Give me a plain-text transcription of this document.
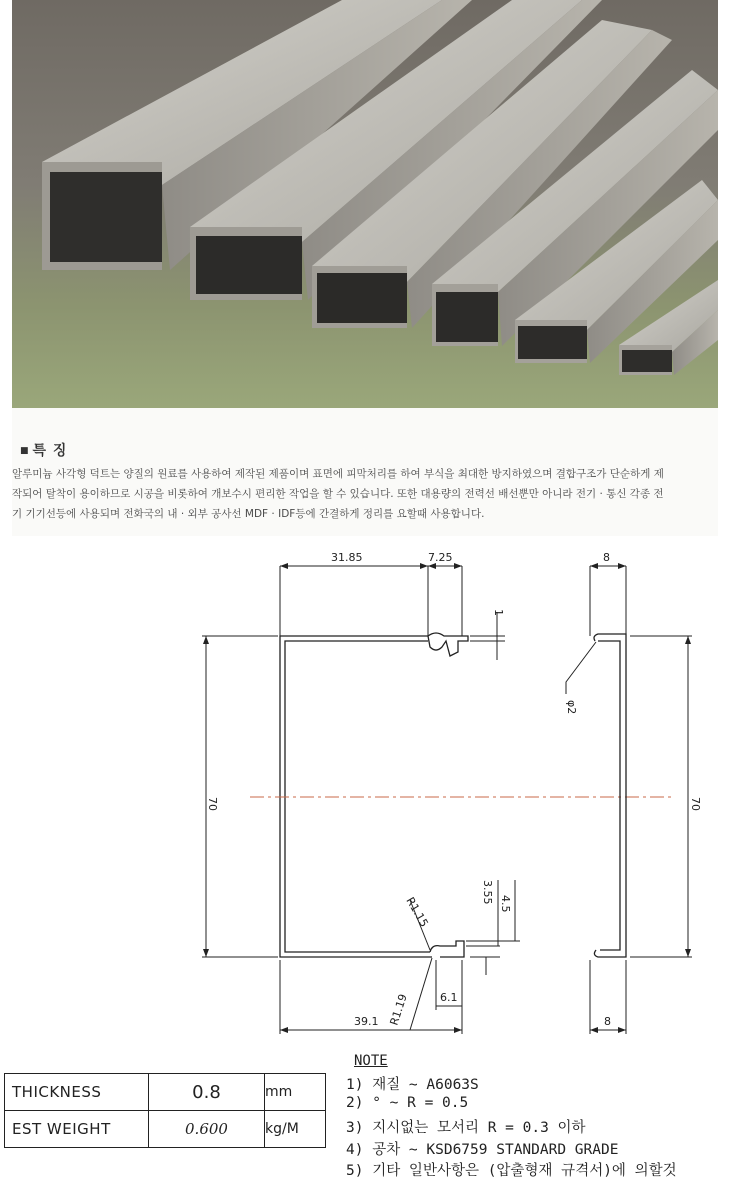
■ 특 징
알루미늄 사각형 덕트는 양질의 원료를 사용하여 제작된 제품이며 표면에 피막처리를 하여 부식을 최대한 방지하였으며 결합구조가 단순하게 제
작되어 탈착이 용이하므로 시공을 비롯하여 개보수시 편리한 작업을 할 수 있습니다. 또한 대용량의 전력선 배선뿐만 아니라 전기 · 통신 각종 전
기 기기선등에 사용되며 전화국의 내 · 외부 공사선 MDF · IDF등에 간결하게 정리를 요할때 사용합니다.
31.85	7.25	8
1
70	70
φ2
R1.15
R1.19
3.55 4.5
39.1
6.1
8
THICKNESS	0.8	mm
EST WEIGHT	0.600	kg/M
NOTE
1) 재질 ~ A6063S
2) ° ~ R = 0.5
3) 지시없는 모서리 R = 0.3 이하
4) 공차 ~ KSD6759 STANDARD GRADE
5) 기타 일반사항은 (압출형재 규격서)에 의할것
